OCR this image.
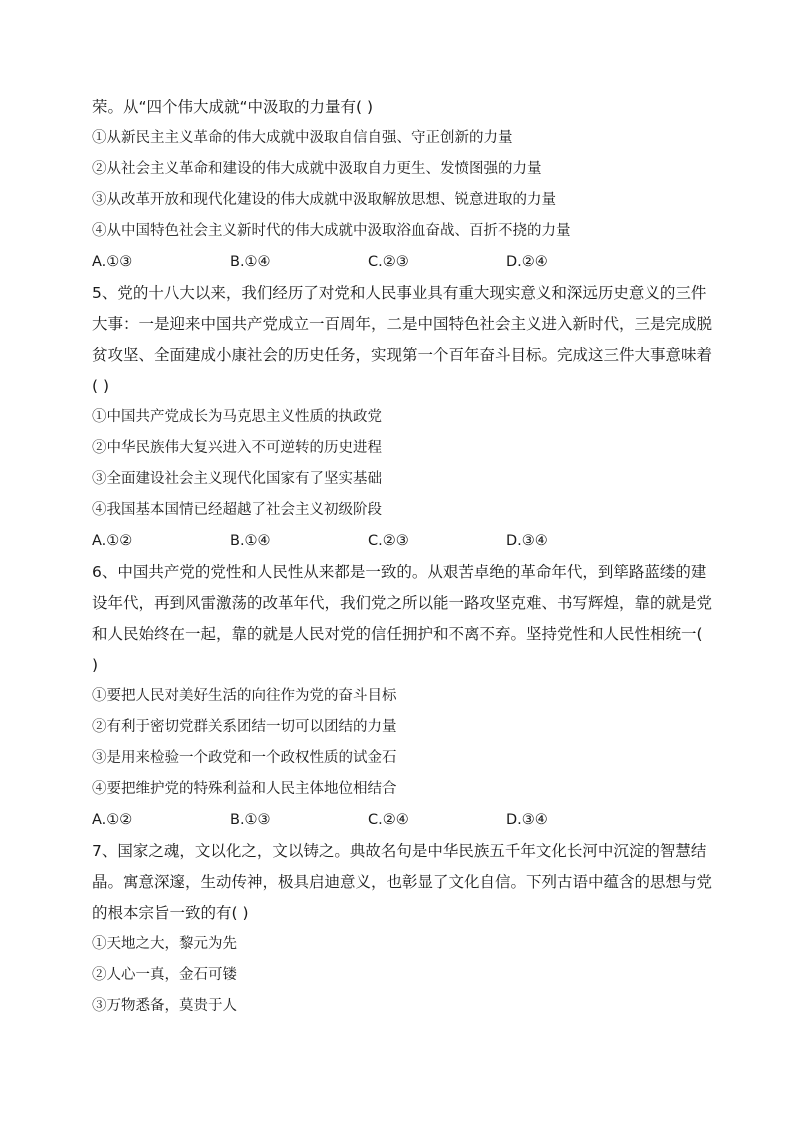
荣。从“四个伟大成就“中汲取的力量有( )

①从新民主主义革命的伟大成就中汲取自信自强、守正创新的力量

②从社会主义革命和建设的伟大成就中汲取自力更生、发愤图强的力量

③从改革开放和现代化建设的伟大成就中汲取解放思想、锐意进取的力量

④从中国特色社会主义新时代的伟大成就中汲取浴血奋战、百折不挠的力量

A.①③	B.①④	C.②③	D.②④

5、党的十八大以来，我们经历了对党和人民事业具有重大现实意义和深远历史意义的三件大事：一是迎来中国共产党成立一百周年，二是中国特色社会主义进入新时代，三是完成脱贫攻坚、全面建成小康社会的历史任务，实现第一个百年奋斗目标。完成这三件大事意味着( )

①中国共产党成长为马克思主义性质的执政党

②中华民族伟大复兴进入不可逆转的历史进程

③全面建设社会主义现代化国家有了坚实基础

④我国基本国情已经超越了社会主义初级阶段

A.①②	B.①④	C.②③	D.③④

6、中国共产党的党性和人民性从来都是一致的。从艰苦卓绝的革命年代，到筚路蓝缕的建设年代，再到风雷激荡的改革年代，我们党之所以能一路攻坚克难、书写辉煌，靠的就是党和人民始终在一起，靠的就是人民对党的信任拥护和不离不弃。坚持党性和人民性相统一( )

①要把人民对美好生活的向往作为党的奋斗目标

②有利于密切党群关系团结一切可以团结的力量

③是用来检验一个政党和一个政权性质的试金石

④要把维护党的特殊利益和人民主体地位相结合

A.①②	B.①③	C.②④	D.③④

7、国家之魂，文以化之，文以铸之。典故名句是中华民族五千年文化长河中沉淀的智慧结晶。寓意深邃，生动传神，极具启迪意义，也彰显了文化自信。下列古语中蕴含的思想与党的根本宗旨一致的有( )

①天地之大，黎元为先

②人心一真，金石可镂

③万物悉备，莫贵于人
